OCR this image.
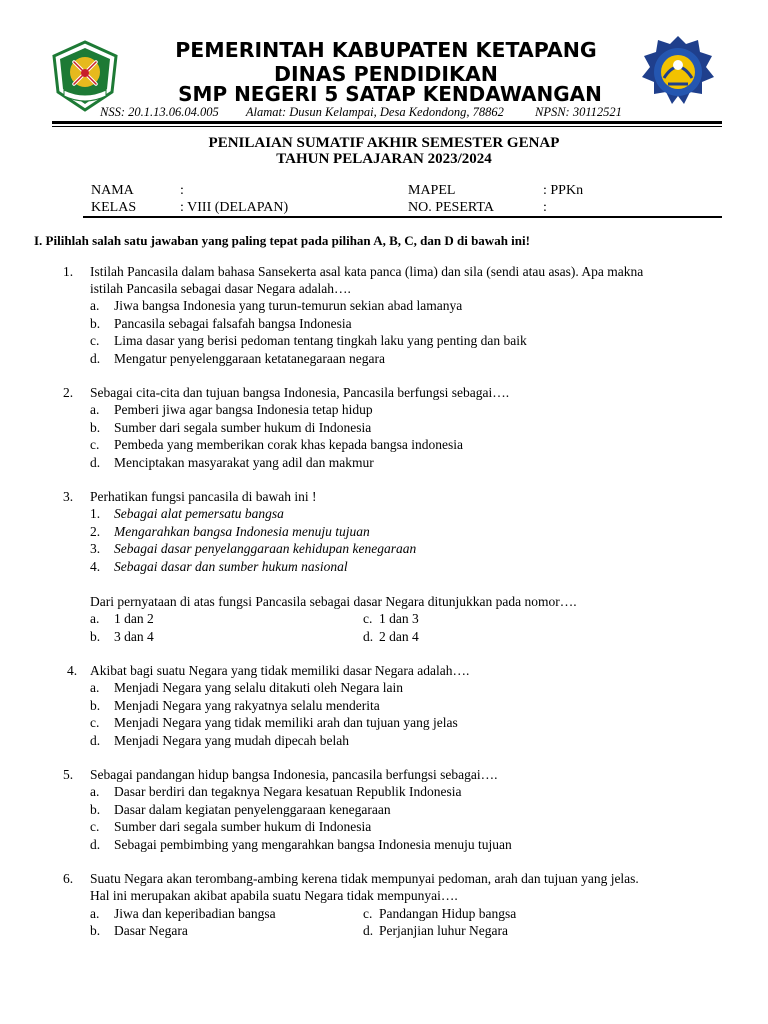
PEMERINTAH KABUPATEN KETAPANG
DINAS PENDIDIKAN
SMP NEGERI 5 SATAP KENDAWANGAN
NSS: 20.1.13.06.04.005 Alamat: Dusun Kelampai, Desa Kedondong, 78862 NPSN: 30112521
PENILAIAN SUMATIF AKHIR SEMESTER GENAP
TAHUN PELAJARAN 2023/2024
NAMA	:
KELAS	: VIII (DELAPAN)
MAPEL	: PPKn
NO. PESERTA	:
I. Pilihlah salah satu jawaban yang paling tepat pada pilihan A, B, C, dan D di bawah ini!
1. Istilah Pancasila dalam bahasa Sansekerta asal kata panca (lima) dan sila (sendi atau asas). Apa makna
istilah Pancasila sebagai dasar Negara adalah….
a. Jiwa bangsa Indonesia yang turun-temurun sekian abad lamanya
b. Pancasila sebagai falsafah bangsa Indonesia
c. Lima dasar yang berisi pedoman tentang tingkah laku yang penting dan baik
d. Mengatur penyelenggaraan ketatanegaraan negara
2. Sebagai cita-cita dan tujuan bangsa Indonesia, Pancasila berfungsi sebagai….
a. Pemberi jiwa agar bangsa Indonesia tetap hidup
b. Sumber dari segala sumber hukum di Indonesia
c. Pembeda yang memberikan corak khas kepada bangsa indonesia
d. Menciptakan masyarakat yang adil dan makmur
3. Perhatikan fungsi pancasila di bawah ini !
1. Sebagai alat pemersatu bangsa
2. Mengarahkan bangsa Indonesia menuju tujuan
3. Sebagai dasar penyelanggaraan kehidupan kenegaraan
4. Sebagai dasar dan sumber hukum nasional
Dari pernyataan di atas fungsi Pancasila sebagai dasar Negara ditunjukkan pada nomor….
a. 1 dan 2	c. 1 dan 3
b. 3 dan 4	d. 2 dan 4
4. Akibat bagi suatu Negara yang tidak memiliki dasar Negara adalah….
a. Menjadi Negara yang selalu ditakuti oleh Negara lain
b. Menjadi Negara yang rakyatnya selalu menderita
c. Menjadi Negara yang tidak memiliki arah dan tujuan yang jelas
d. Menjadi Negara yang mudah dipecah belah
5. Sebagai pandangan hidup bangsa Indonesia, pancasila berfungsi sebagai….
a. Dasar berdiri dan tegaknya Negara kesatuan Republik Indonesia
b. Dasar dalam kegiatan penyelenggaraan kenegaraan
c. Sumber dari segala sumber hukum di Indonesia
d. Sebagai pembimbing yang mengarahkan bangsa Indonesia menuju tujuan
6. Suatu Negara akan terombang-ambing kerena tidak mempunyai pedoman, arah dan tujuan yang jelas.
Hal ini merupakan akibat apabila suatu Negara tidak mempunyai….
a. Jiwa dan keperibadian bangsa	c. Pandangan Hidup bangsa
b. Dasar Negara	d. Perjanjian luhur Negara
